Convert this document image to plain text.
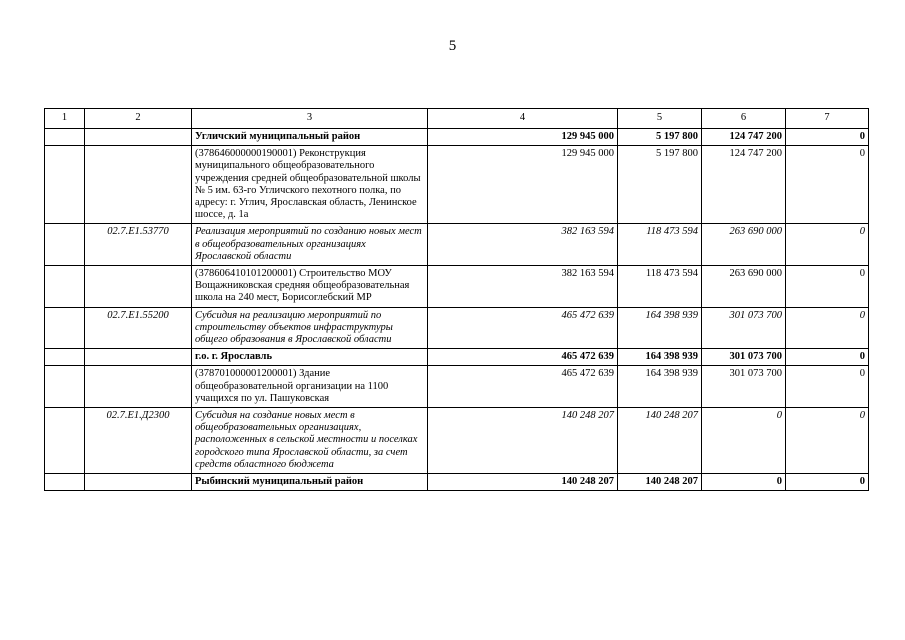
5
1	2	3	4	5	6	7
		Угличский муниципальный район	129 945 000	5 197 800	124 747 200	0
		(378646000000190001) Реконструкция муниципального общеобразовательного учреждения средней общеобразовательной школы № 5 им. 63-го Угличского пехотного полка, по адресу: г. Углич, Ярославская область, Ленинское шоссе, д. 1а	129 945 000	5 197 800	124 747 200	0
	02.7.E1.53770	Реализация мероприятий по созданию новых мест в общеобразовательных организациях Ярославской области	382 163 594	118 473 594	263 690 000	0
		(378606410101200001) Строительство МОУ Вощажниковская средняя общеобразовательная школа на 240 мест, Борисоглебский МР	382 163 594	118 473 594	263 690 000	0
	02.7.E1.55200	Субсидия на реализацию мероприятий по строительству объектов инфраструктуры общего образования в Ярославской области	465 472 639	164 398 939	301 073 700	0
		г.о. г. Ярославль	465 472 639	164 398 939	301 073 700	0
		(378701000001200001) Здание общеобразовательной организации на 1100 учащихся по ул. Пашуковская	465 472 639	164 398 939	301 073 700	0
	02.7.E1.Д2300	Субсидия на создание новых мест в общеобразовательных организациях, расположенных в сельской местности и поселках городского типа Ярославской области, за счет средств областного бюджета	140 248 207	140 248 207	0	0
		Рыбинский муниципальный район	140 248 207	140 248 207	0	0
